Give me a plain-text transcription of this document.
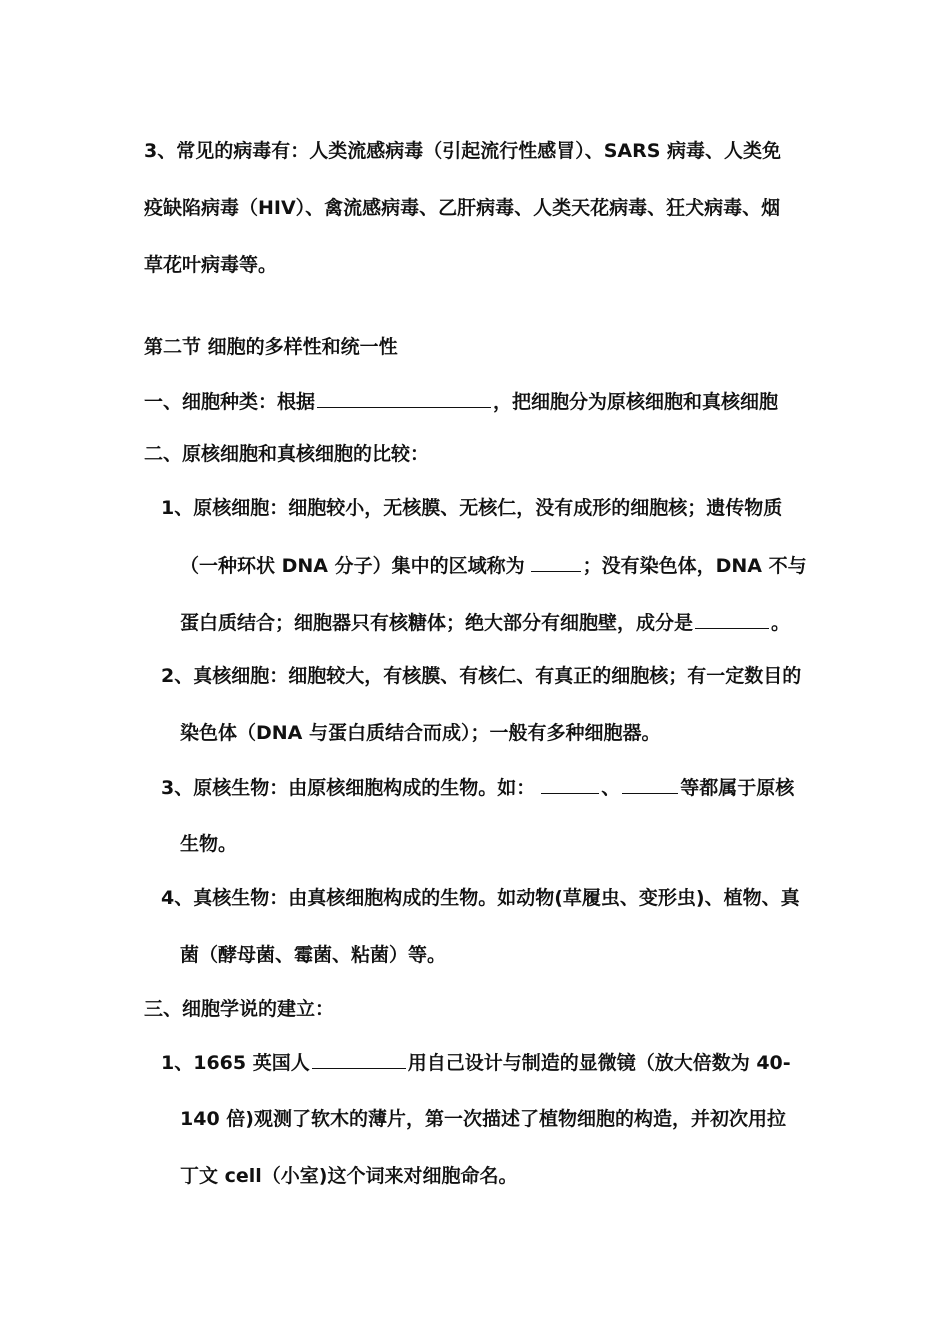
3、常见的病毒有：人类流感病毒（引起流行性感冒）、SARS 病毒、人类免
疫缺陷病毒（HIV）、禽流感病毒、乙肝病毒、人类天花病毒、狂犬病毒、烟
草花叶病毒等。
第二节 细胞的多样性和统一性
一、细胞种类：根据	，把细胞分为原核细胞和真核细胞
二、原核细胞和真核细胞的比较：
1、原核细胞：细胞较小，无核膜、无核仁，没有成形的细胞核；遗传物质
（一种环状 DNA 分子）集中的区域称为	；没有染色体，DNA 不与
蛋白质结合；细胞器只有核糖体；绝大部分有细胞壁，成分是	。
2、真核细胞：细胞较大，有核膜、有核仁、有真正的细胞核；有一定数目的
染色体（DNA 与蛋白质结合而成）；一般有多种细胞器。
3、原核生物：由原核细胞构成的生物。如：	、	等都属于原核
生物。
4、真核生物：由真核细胞构成的生物。如动物(草履虫、变形虫)、植物、真
菌（酵母菌、霉菌、粘菌）等。
三、细胞学说的建立：
1、1665 英国人	用自己设计与制造的显微镜（放大倍数为 40-
140 倍)观测了软木的薄片，第一次描述了植物细胞的构造，并初次用拉
丁文 cell（小室)这个词来对细胞命名。
